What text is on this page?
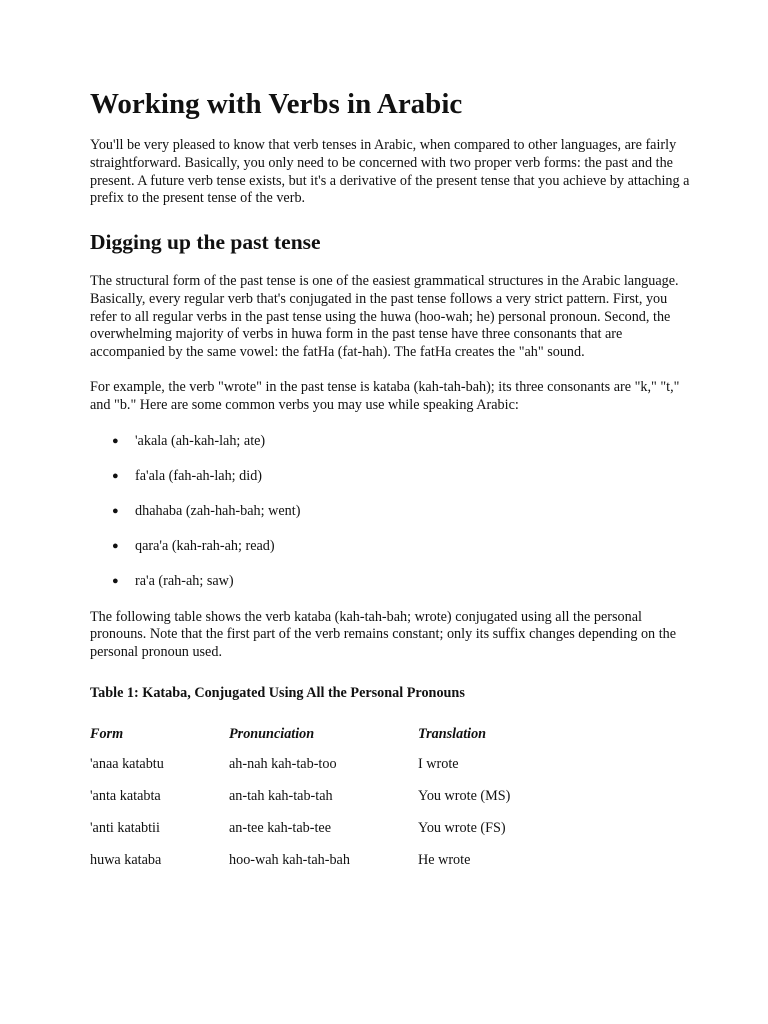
Working with Verbs in Arabic

You'll be very pleased to know that verb tenses in Arabic, when compared to other languages, are fairly straightforward. Basically, you only need to be concerned with two proper verb forms: the past and the present. A future verb tense exists, but it's a derivative of the present tense that you achieve by attaching a prefix to the present tense of the verb.

Digging up the past tense

The structural form of the past tense is one of the easiest grammatical structures in the Arabic language. Basically, every regular verb that's conjugated in the past tense follows a very strict pattern. First, you refer to all regular verbs in the past tense using the huwa (hoo-wah; he) personal pronoun. Second, the overwhelming majority of verbs in huwa form in the past tense have three consonants that are accompanied by the same vowel: the fatHa (fat-hah). The fatHa creates the "ah" sound.

For example, the verb "wrote" in the past tense is kataba (kah-tah-bah); its three consonants are "k," "t," and "b." Here are some common verbs you may use while speaking Arabic:

● 'akala (ah-kah-lah; ate)
● fa'ala (fah-ah-lah; did)
● dhahaba (zah-hah-bah; went)
● qara'a (kah-rah-ah; read)
● ra'a (rah-ah; saw)

The following table shows the verb kataba (kah-tah-bah; wrote) conjugated using all the personal pronouns. Note that the first part of the verb remains constant; only its suffix changes depending on the personal pronoun used.

Table 1: Kataba, Conjugated Using All the Personal Pronouns
Form	Pronunciation	Translation
'anaa katabtu	ah-nah kah-tab-too	I wrote
'anta katabta	an-tah kah-tab-tah	You wrote (MS)
'anti katabtii	an-tee kah-tab-tee	You wrote (FS)
huwa kataba	hoo-wah kah-tah-bah	He wrote
